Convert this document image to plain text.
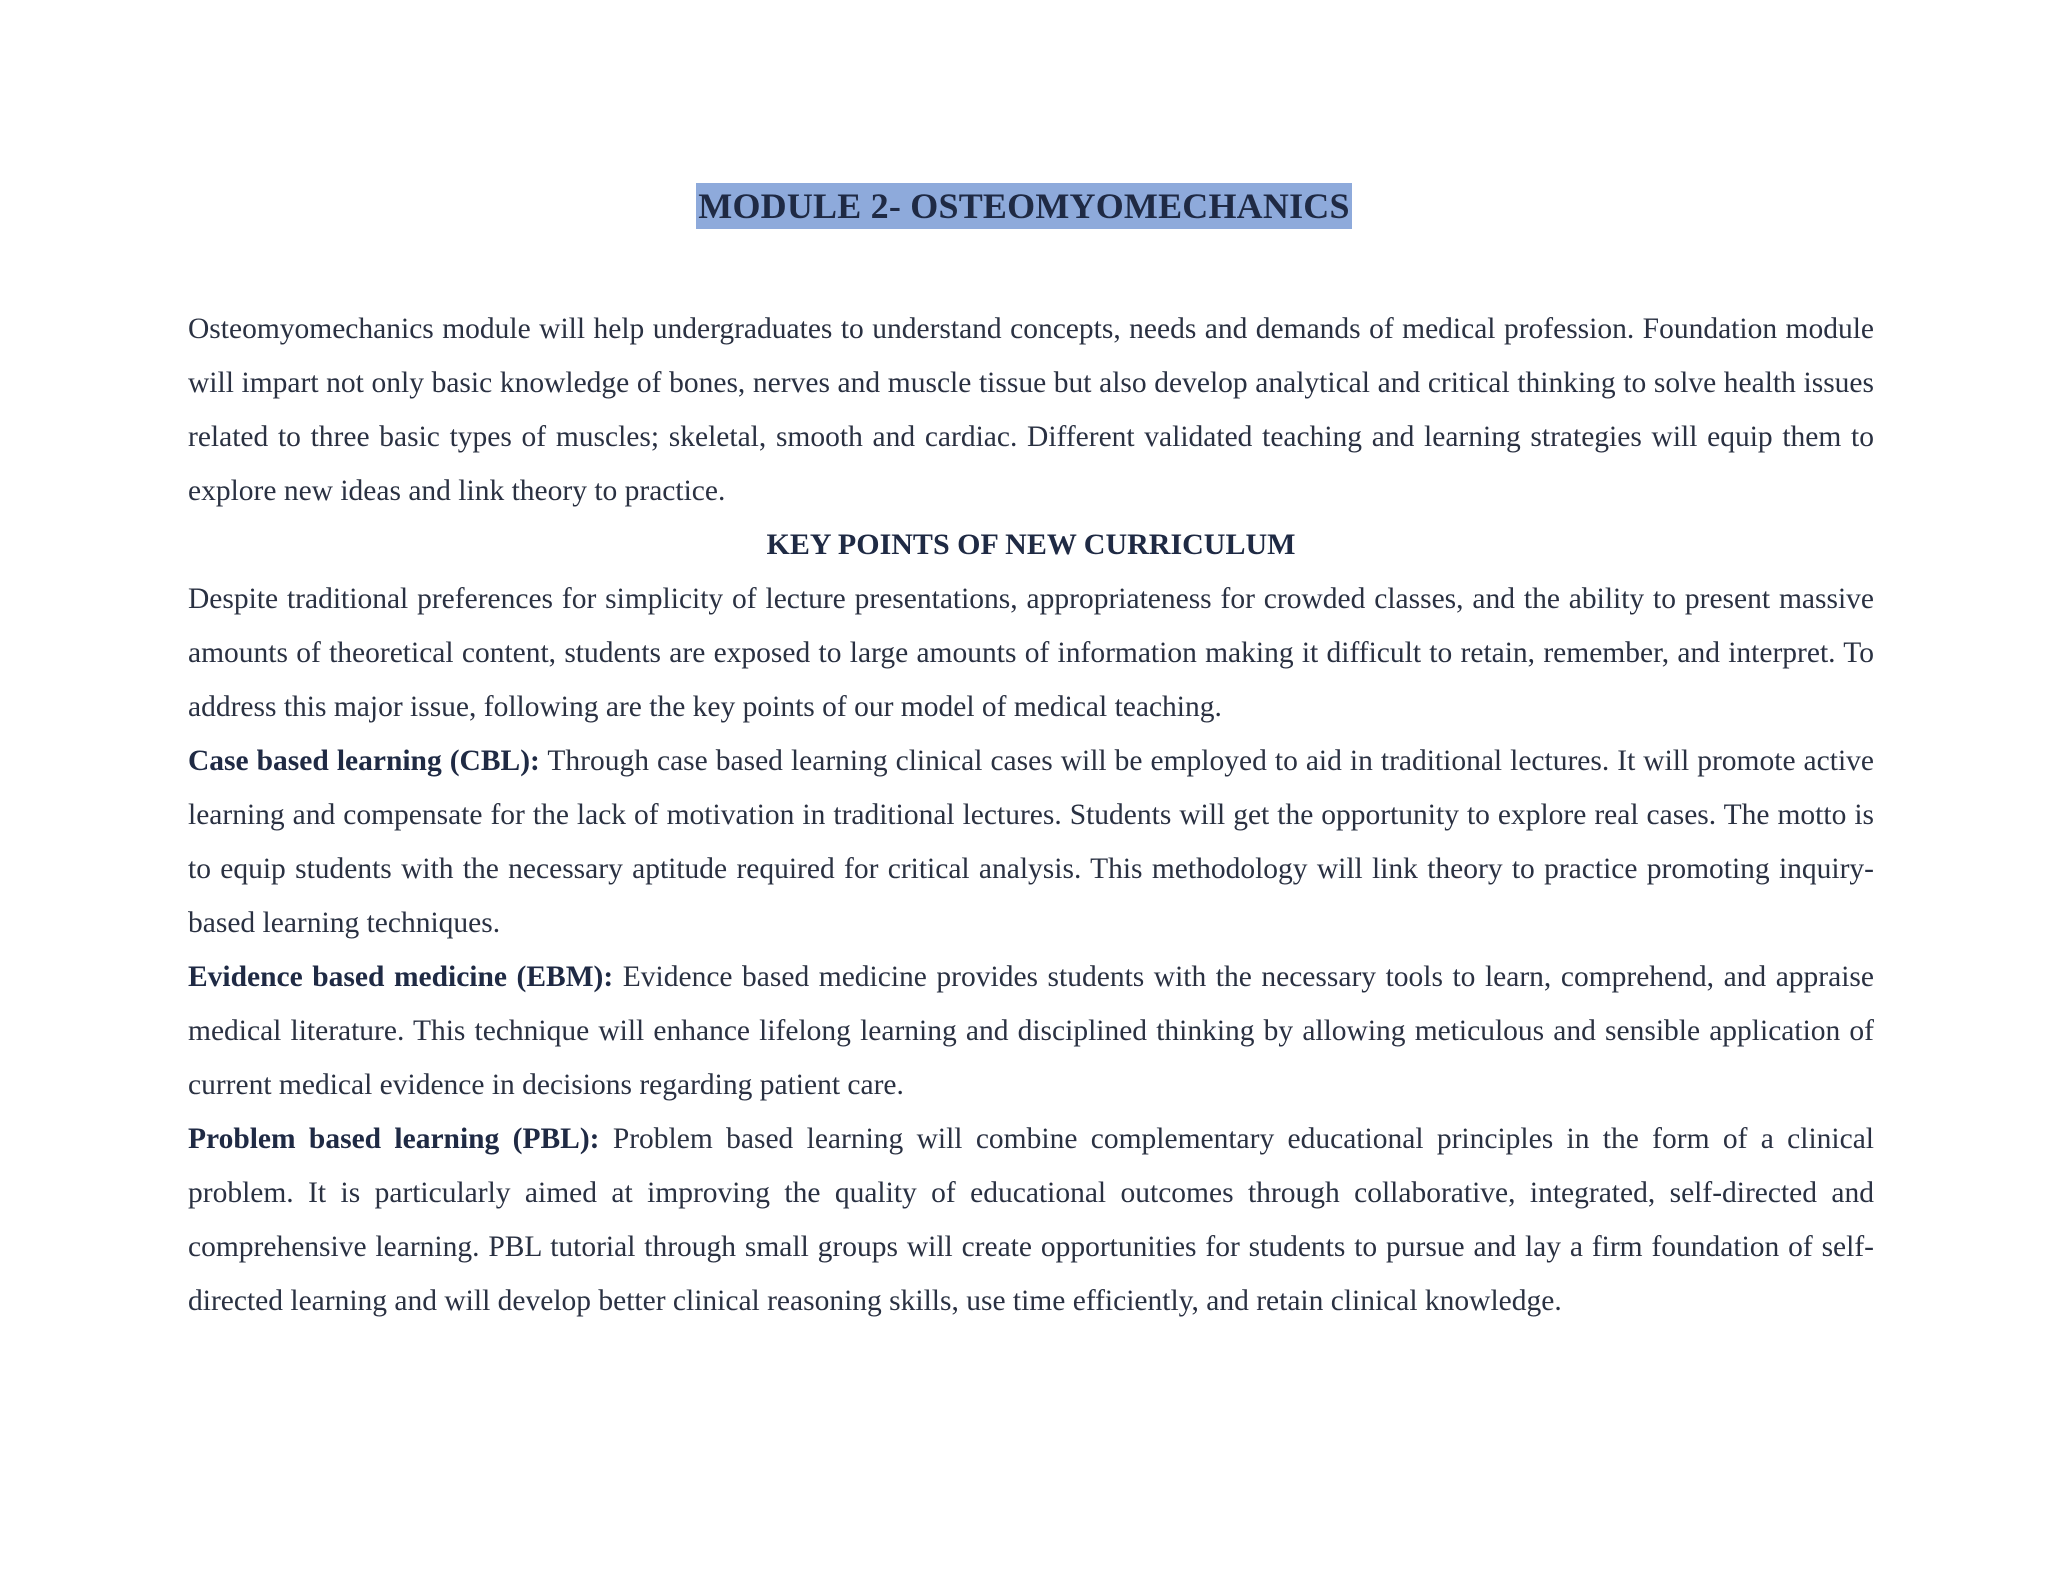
MODULE 2- OSTEOMYOMECHANICS

Osteomyomechanics module will help undergraduates to understand concepts, needs and demands of medical profession. Foundation module will impart not only basic knowledge of bones, nerves and muscle tissue but also develop analytical and critical thinking to solve health issues related to three basic types of muscles; skeletal, smooth and cardiac. Different validated teaching and learning strategies will equip them to explore new ideas and link theory to practice.

KEY POINTS OF NEW CURRICULUM

Despite traditional preferences for simplicity of lecture presentations, appropriateness for crowded classes, and the ability to present massive amounts of theoretical content, students are exposed to large amounts of information making it difficult to retain, remember, and interpret. To address this major issue, following are the key points of our model of medical teaching.

Case based learning (CBL): Through case based learning clinical cases will be employed to aid in traditional lectures. It will promote active learning and compensate for the lack of motivation in traditional lectures. Students will get the opportunity to explore real cases. The motto is to equip students with the necessary aptitude required for critical analysis. This methodology will link theory to practice promoting inquiry-based learning techniques.

Evidence based medicine (EBM): Evidence based medicine provides students with the necessary tools to learn, comprehend, and appraise medical literature. This technique will enhance lifelong learning and disciplined thinking by allowing meticulous and sensible application of current medical evidence in decisions regarding patient care.

Problem based learning (PBL): Problem based learning will combine complementary educational principles in the form of a clinical problem. It is particularly aimed at improving the quality of educational outcomes through collaborative, integrated, self-directed and comprehensive learning. PBL tutorial through small groups will create opportunities for students to pursue and lay a firm foundation of self-directed learning and will develop better clinical reasoning skills, use time efficiently, and retain clinical knowledge.
